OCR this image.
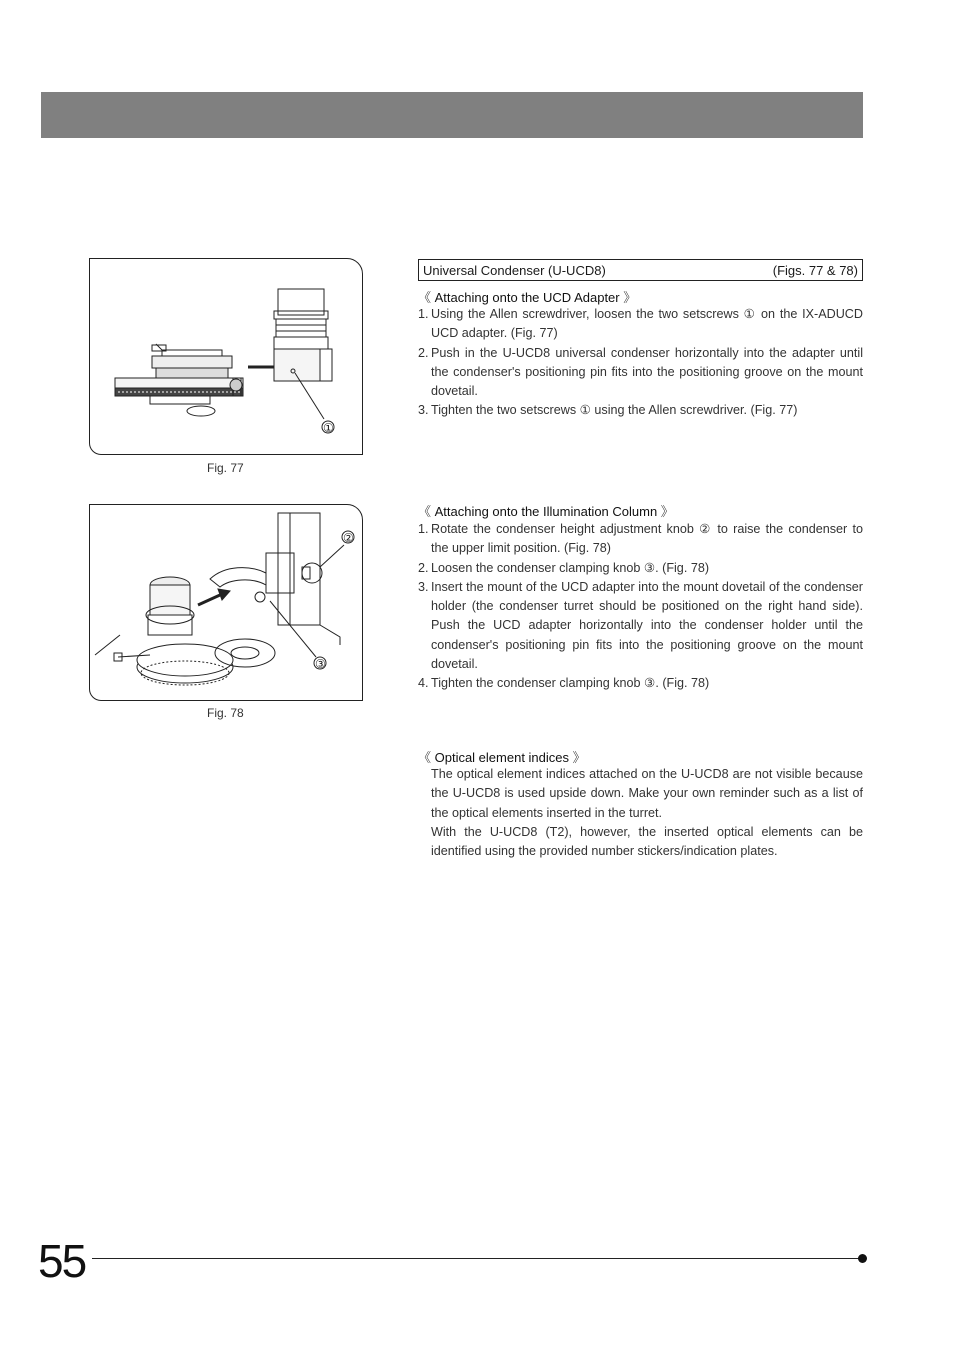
①
Fig. 77
②
③
Fig. 78
Universal Condenser (U-UCD8)	(Figs. 77 & 78)
《 Attaching onto the UCD Adapter 》
1. Using the Allen screwdriver, loosen the two setscrews ① on the IX-ADUCD UCD adapter. (Fig. 77)
2. Push in the U-UCD8 universal condenser horizontally into the adapter until the condenser's positioning pin fits into the positioning groove on the mount dovetail.
3. Tighten the two setscrews ① using the Allen screwdriver. (Fig. 77)
《 Attaching onto the Illumination Column 》
1. Rotate the condenser height adjustment knob ② to raise the condenser to the upper limit position. (Fig. 78)
2. Loosen the condenser clamping knob ③. (Fig. 78)
3. Insert the mount of the UCD adapter into the mount dovetail of the condenser holder (the condenser turret should be positioned on the right hand side). Push the UCD adapter horizontally into the condenser holder until the condenser's positioning pin fits into the positioning groove on the mount dovetail.
4. Tighten the condenser clamping knob ③. (Fig. 78)
《 Optical element indices 》

The optical element indices attached on the U-UCD8 are not visible because the U-UCD8 is used upside down. Make your own reminder such as a list of the optical elements inserted in the turret.

With the U-UCD8 (T2), however, the inserted optical elements can be identified using the provided number stickers/indication plates.

55
